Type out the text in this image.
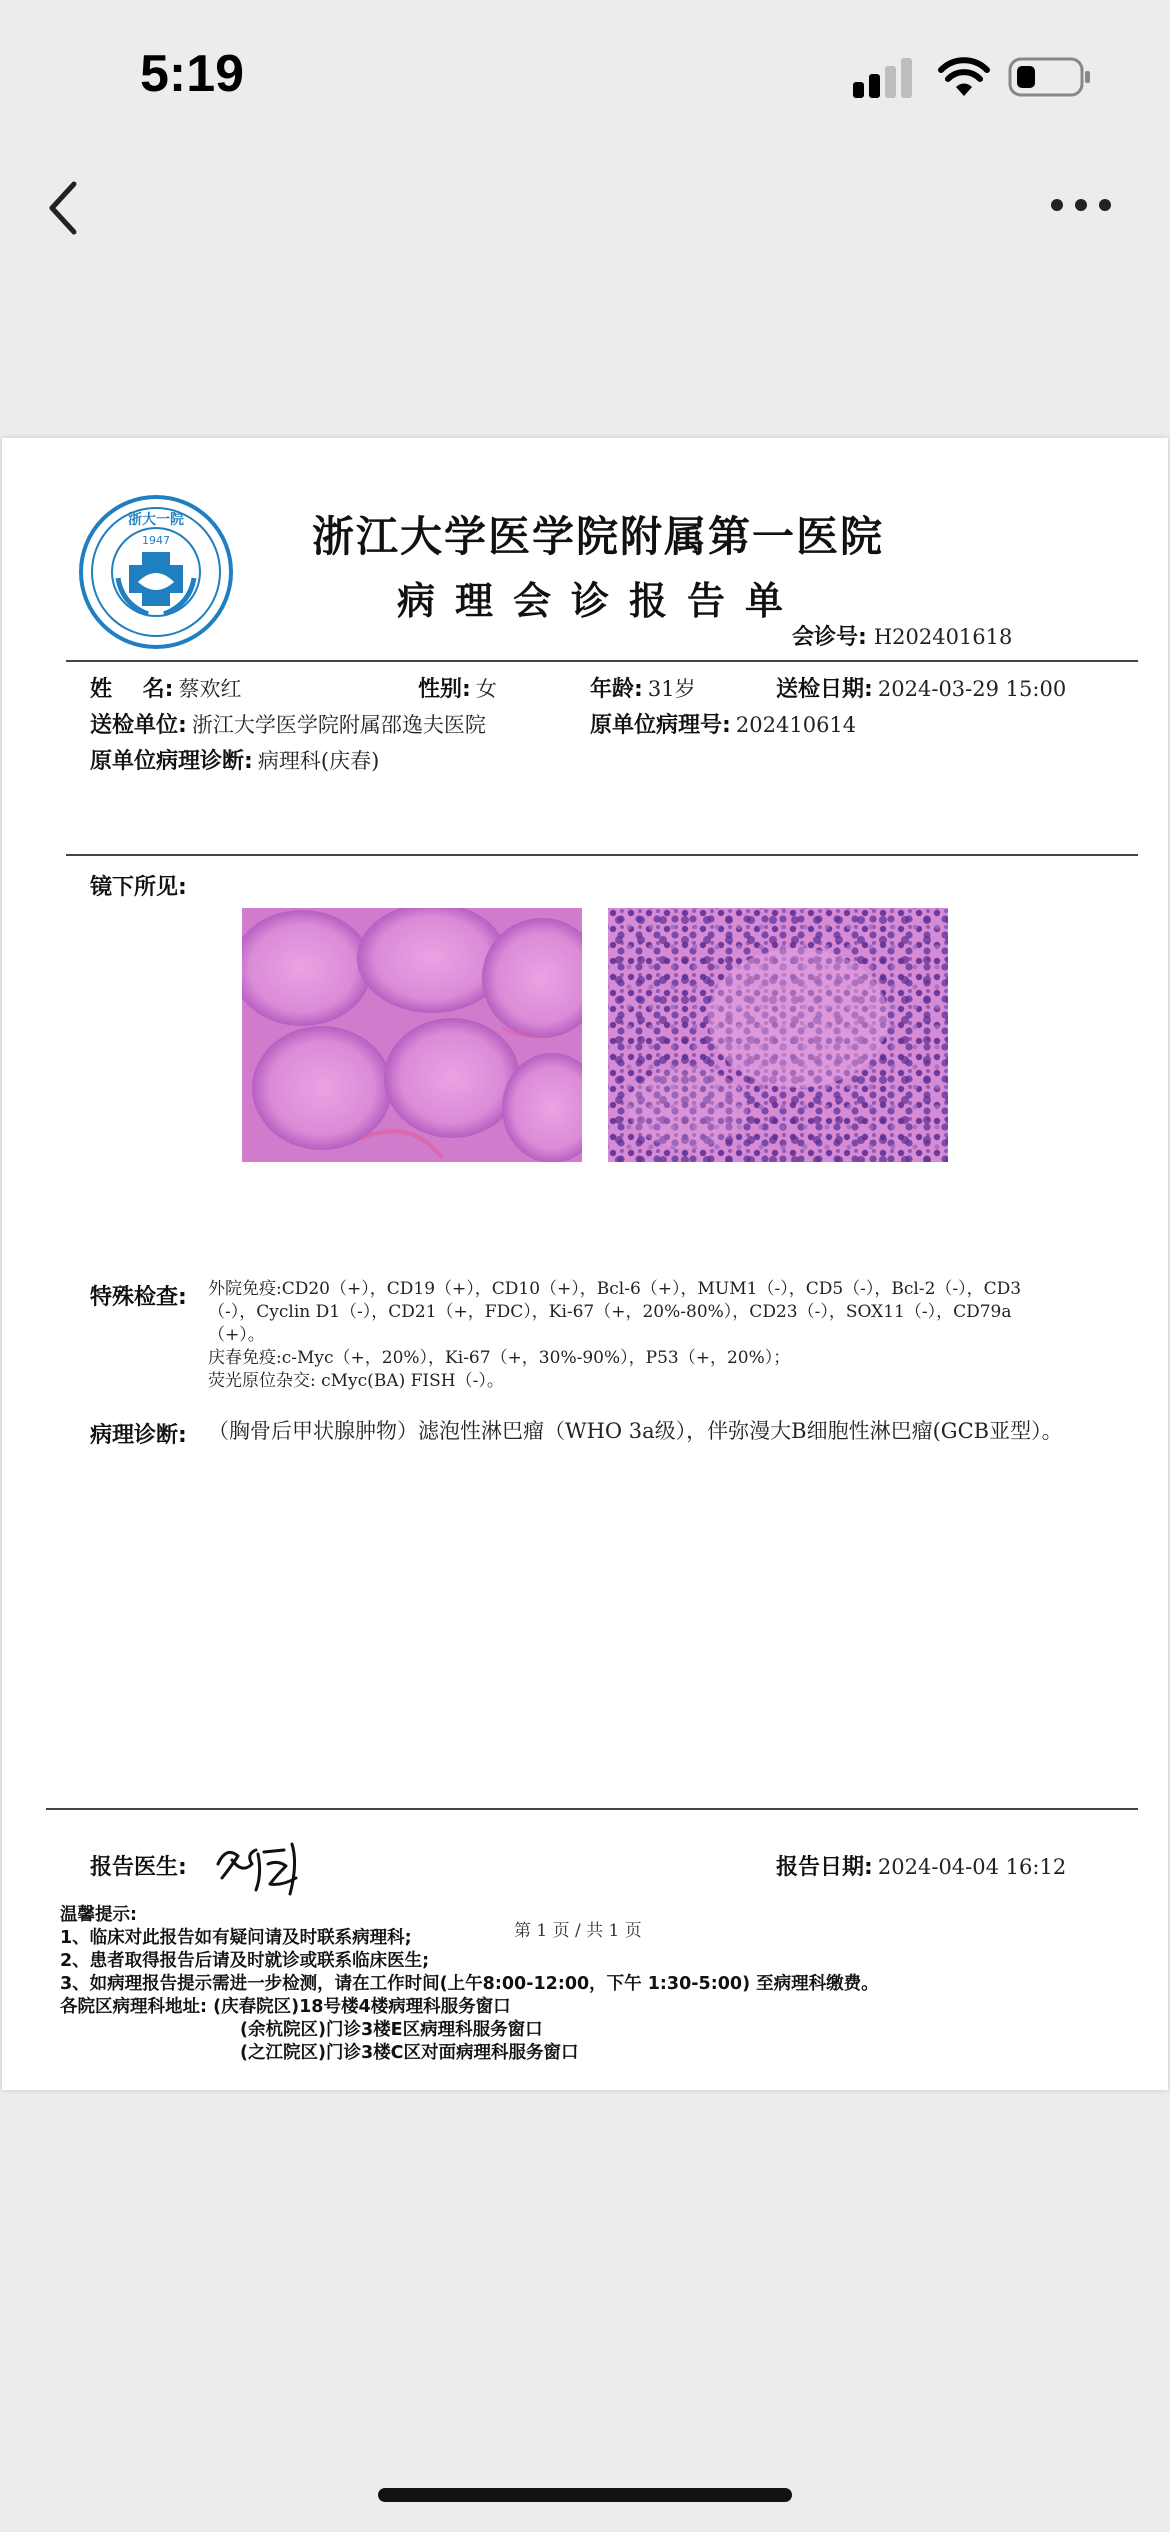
5:19
1947
浙大一院	浙江大学医学院附属第一医院
病理会诊报告单
会诊号: H202401618
姓    名: 蔡欢红	性别: 女	年龄: 31岁	送检日期: 2024-03-29 15:00
送检单位: 浙江大学医学院附属邵逸夫医院	原单位病理号: 202410614
原单位病理诊断: 病理科(庆春)
镜下所见:
特殊检查: 外院免疫:CD20（+），CD19（+），CD10（+），Bcl-6（+），MUM1（-），CD5（-），Bcl-2（-），CD3
（-），Cyclin D1（-），CD21（+，FDC），Ki-67（+，20%-80%），CD23（-），SOX11（-），CD79a
（+）。
庆春免疫:c-Myc（+，20%），Ki-67（+，30%-90%），P53（+，20%）；
荧光原位杂交: cMyc(BA) FISH（-）。
病理诊断: （胸骨后甲状腺肿物）滤泡性淋巴瘤（WHO 3a级），伴弥漫大B细胞性淋巴瘤(GCB亚型）。
报告医生:	报告日期: 2024-04-04 16:12
第 1 页 / 共 1 页
温馨提示:
1、临床对此报告如有疑问请及时联系病理科;
2、患者取得报告后请及时就诊或联系临床医生;
3、如病理报告提示需进一步检测，请在工作时间(上午8:00-12:00，下午 1:30-5:00) 至病理科缴费。
各院区病理科地址: (庆春院区)18号楼4楼病理科服务窗口
(余杭院区)门诊3楼E区病理科服务窗口
(之江院区)门诊3楼C区对面病理科服务窗口
